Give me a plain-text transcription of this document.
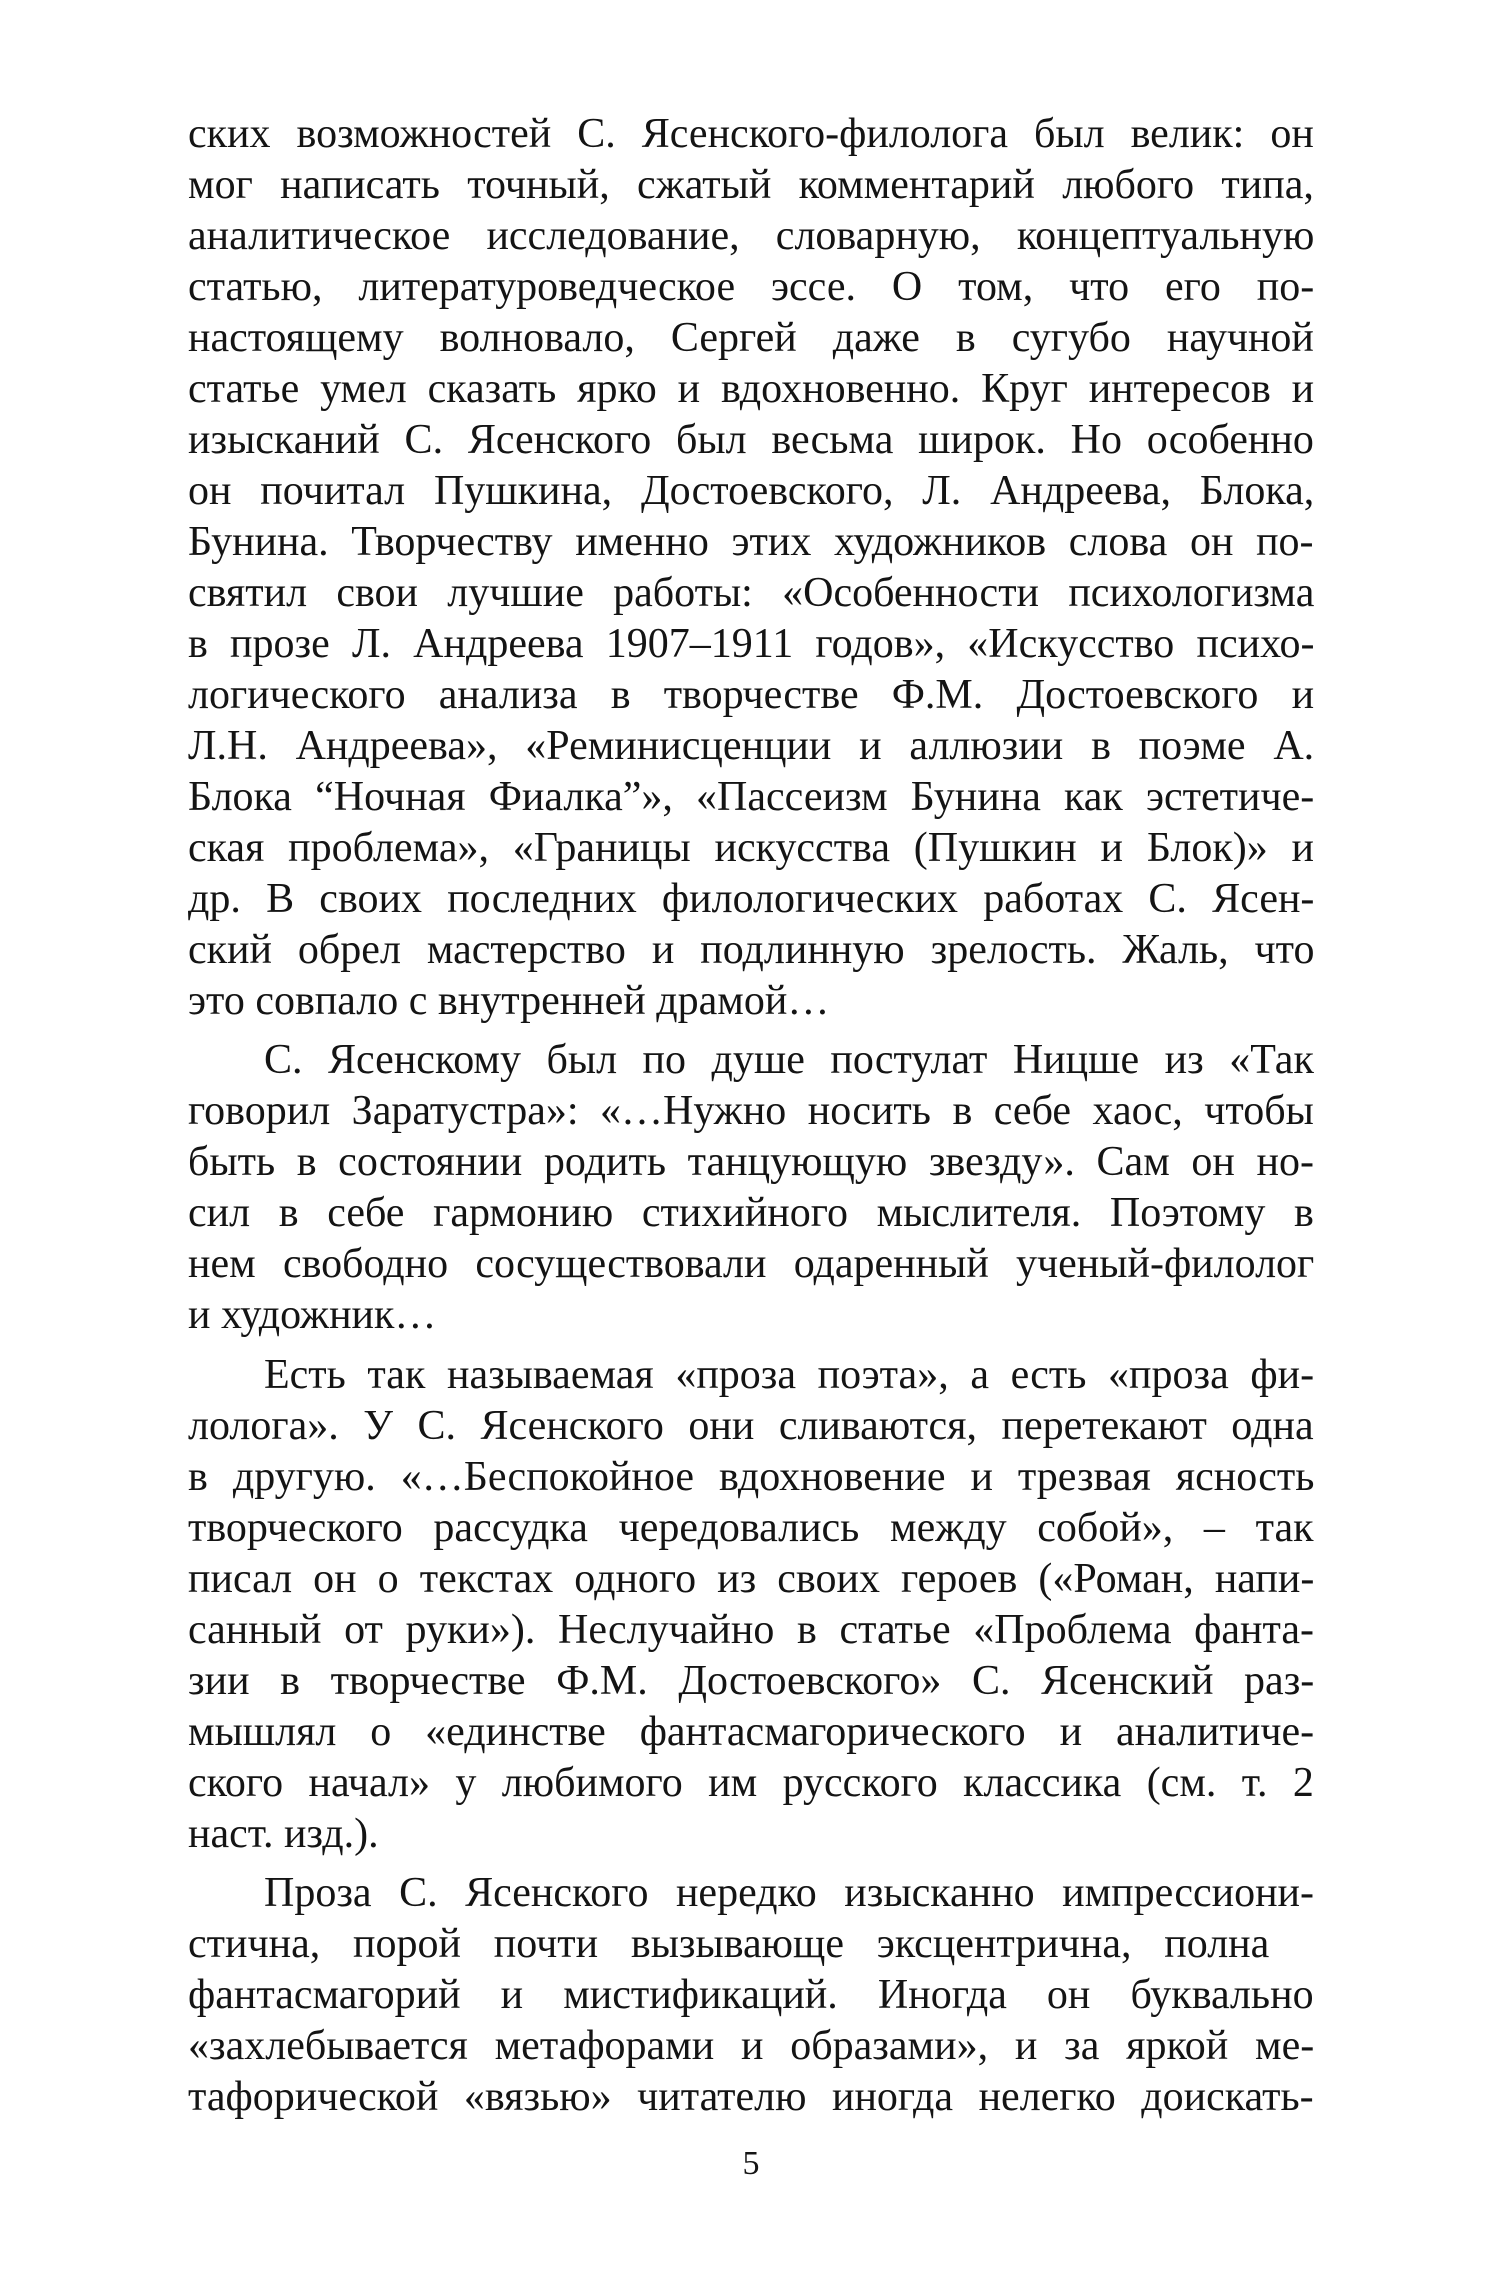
ских возможностей С. Ясенского-филолога был велик: он
мог написать точный, сжатый комментарий любого типа,
аналитическое исследование, словарную, концептуальную
статью, литературоведческое эссе. О том, что его по-
настоящему волновало, Сергей даже в сугубо научной
статье умел сказать ярко и вдохновенно. Круг интересов и
изысканий С. Ясенского был весьма широк. Но особенно
он почитал Пушкина, Достоевского, Л. Андреева, Блока,
Бунина. Творчеству именно этих художников слова он по-
святил свои лучшие работы: «Особенности психологизма
в прозе Л. Андреева 1907–1911 годов», «Искусство психо-
логического анализа в творчестве Ф.М. Достоевского и
Л.Н. Андреева», «Реминисценции и аллюзии в поэме А.
Блока “Ночная Фиалка”», «Пассеизм Бунина как эстетиче-
ская проблема», «Границы искусства (Пушкин и Блок)» и
др. В своих последних филологических работах С. Ясен-
ский обрел мастерство и подлинную зрелость. Жаль, что
это совпало с внутренней драмой…
С. Ясенскому был по душе постулат Ницше из «Так
говорил Заратустра»: «…Нужно носить в себе хаос, чтобы
быть в состоянии родить танцующую звезду». Сам он но-
сил в себе гармонию стихийного мыслителя. Поэтому в
нем свободно сосуществовали одаренный ученый-филолог
и художник…
Есть так называемая «проза поэта», а есть «проза фи-
лолога». У С. Ясенского они сливаются, перетекают одна
в другую. «…Беспокойное вдохновение и трезвая ясность
творческого рассудка чередовались между собой», – так
писал он о текстах одного из своих героев («Роман, напи-
санный от руки»). Неслучайно в статье «Проблема фанта-
зии в творчестве Ф.М. Достоевского» С. Ясенский раз-
мышлял о «единстве фантасмагорического и аналитиче-
ского начал» у любимого им русского классика (см. т. 2
наст. изд.).
Проза С. Ясенского нередко изысканно импрессиони-
стична, порой почти вызывающе эксцентрична, полна
фантасмагорий и мистификаций. Иногда он буквально
«захлебывается метафорами и образами», и за яркой ме-
тафорической «вязью» читателю иногда нелегко доискать-
5
